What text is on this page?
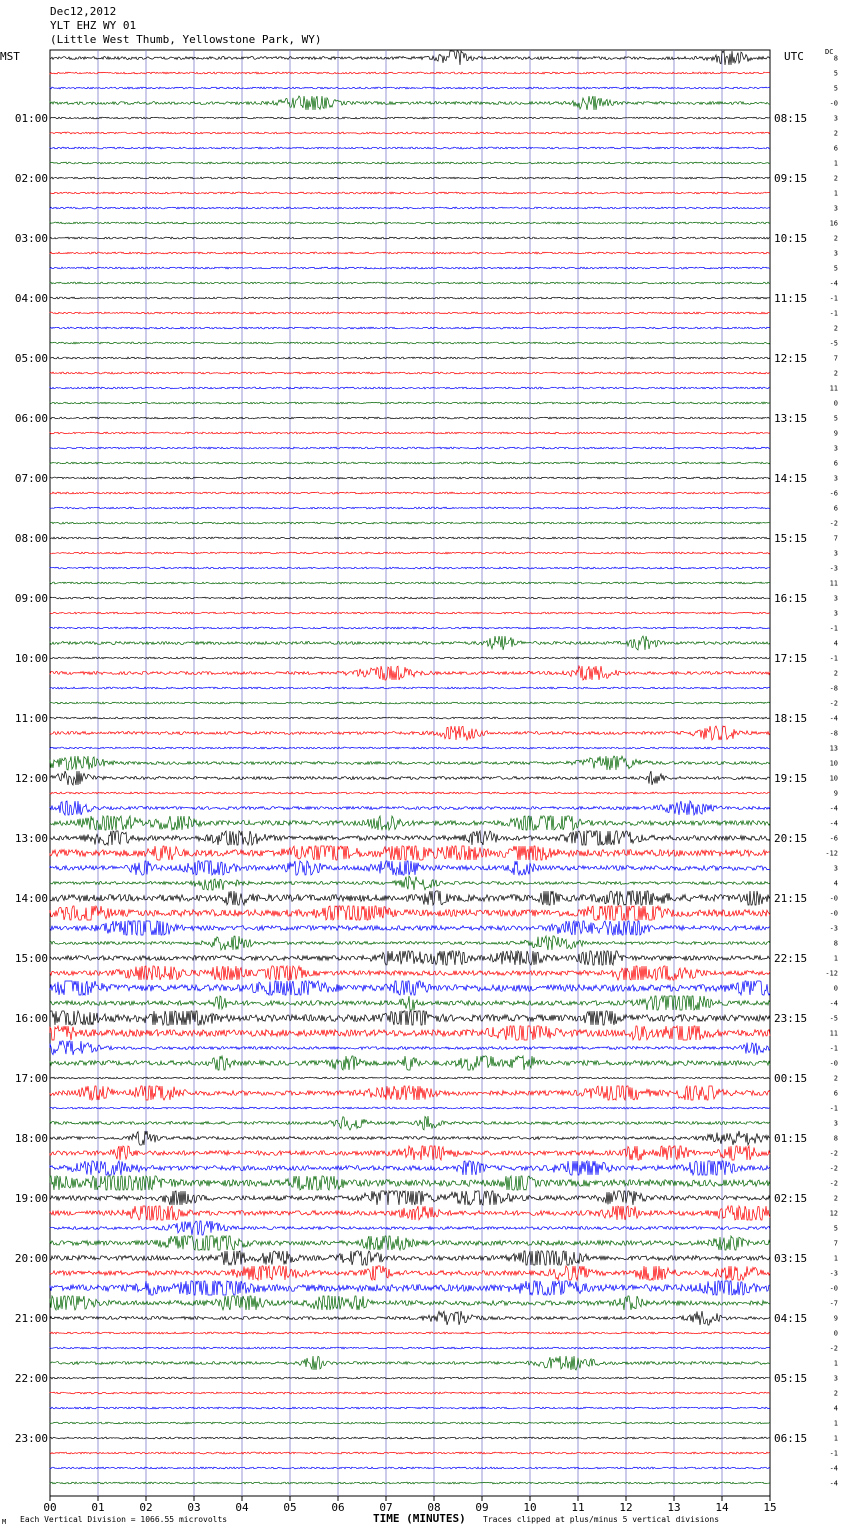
8
5
5
-0
3
2
6
1
2
1
3
16
2
3
5
-4
-1
-1
2
-5
7
2
11
0
5
9
3
6
3
-6
6
-2
7
3
-3
11
3
3
-1
4
-1
2
-8
-2
-4
-8
13
10
10
9
-4
-4
-6
-12
3
4
-0
-0
-3
8
1
-12
0
-4
-5
11
-1
-0
2
6
-1
3
8
-2
-2
-2
2
12
5
7
1
-3
-0
-7
9
0
-2
1
3
2
4
1
1
-1
-4
-4
01:00
02:00
03:00
04:00
05:00
06:00
07:00
08:00
09:00
10:00
11:00
12:00
13:00
14:00
15:00
16:00
17:00
18:00
19:00
20:00
21:00
22:00
23:00
08:15
09:15
10:15
11:15
12:15
13:15
14:15
15:15
16:15
17:15
18:15
19:15
20:15
21:15
22:15
23:15
00:15
01:15
02:15
03:15
04:15
05:15
06:15
00	01	02	03	04	05	06	07	08	09	10	11	12	13	14	15
Dec12,2012
YLT EHZ WY 01
(Little West Thumb, Yellowstone Park, WY)
MST	UTC	DC
TIME (MINUTES)
Each Vertical Division = 1066.55 microvolts	Traces clipped at plus/minus 5 vertical divisions
M
